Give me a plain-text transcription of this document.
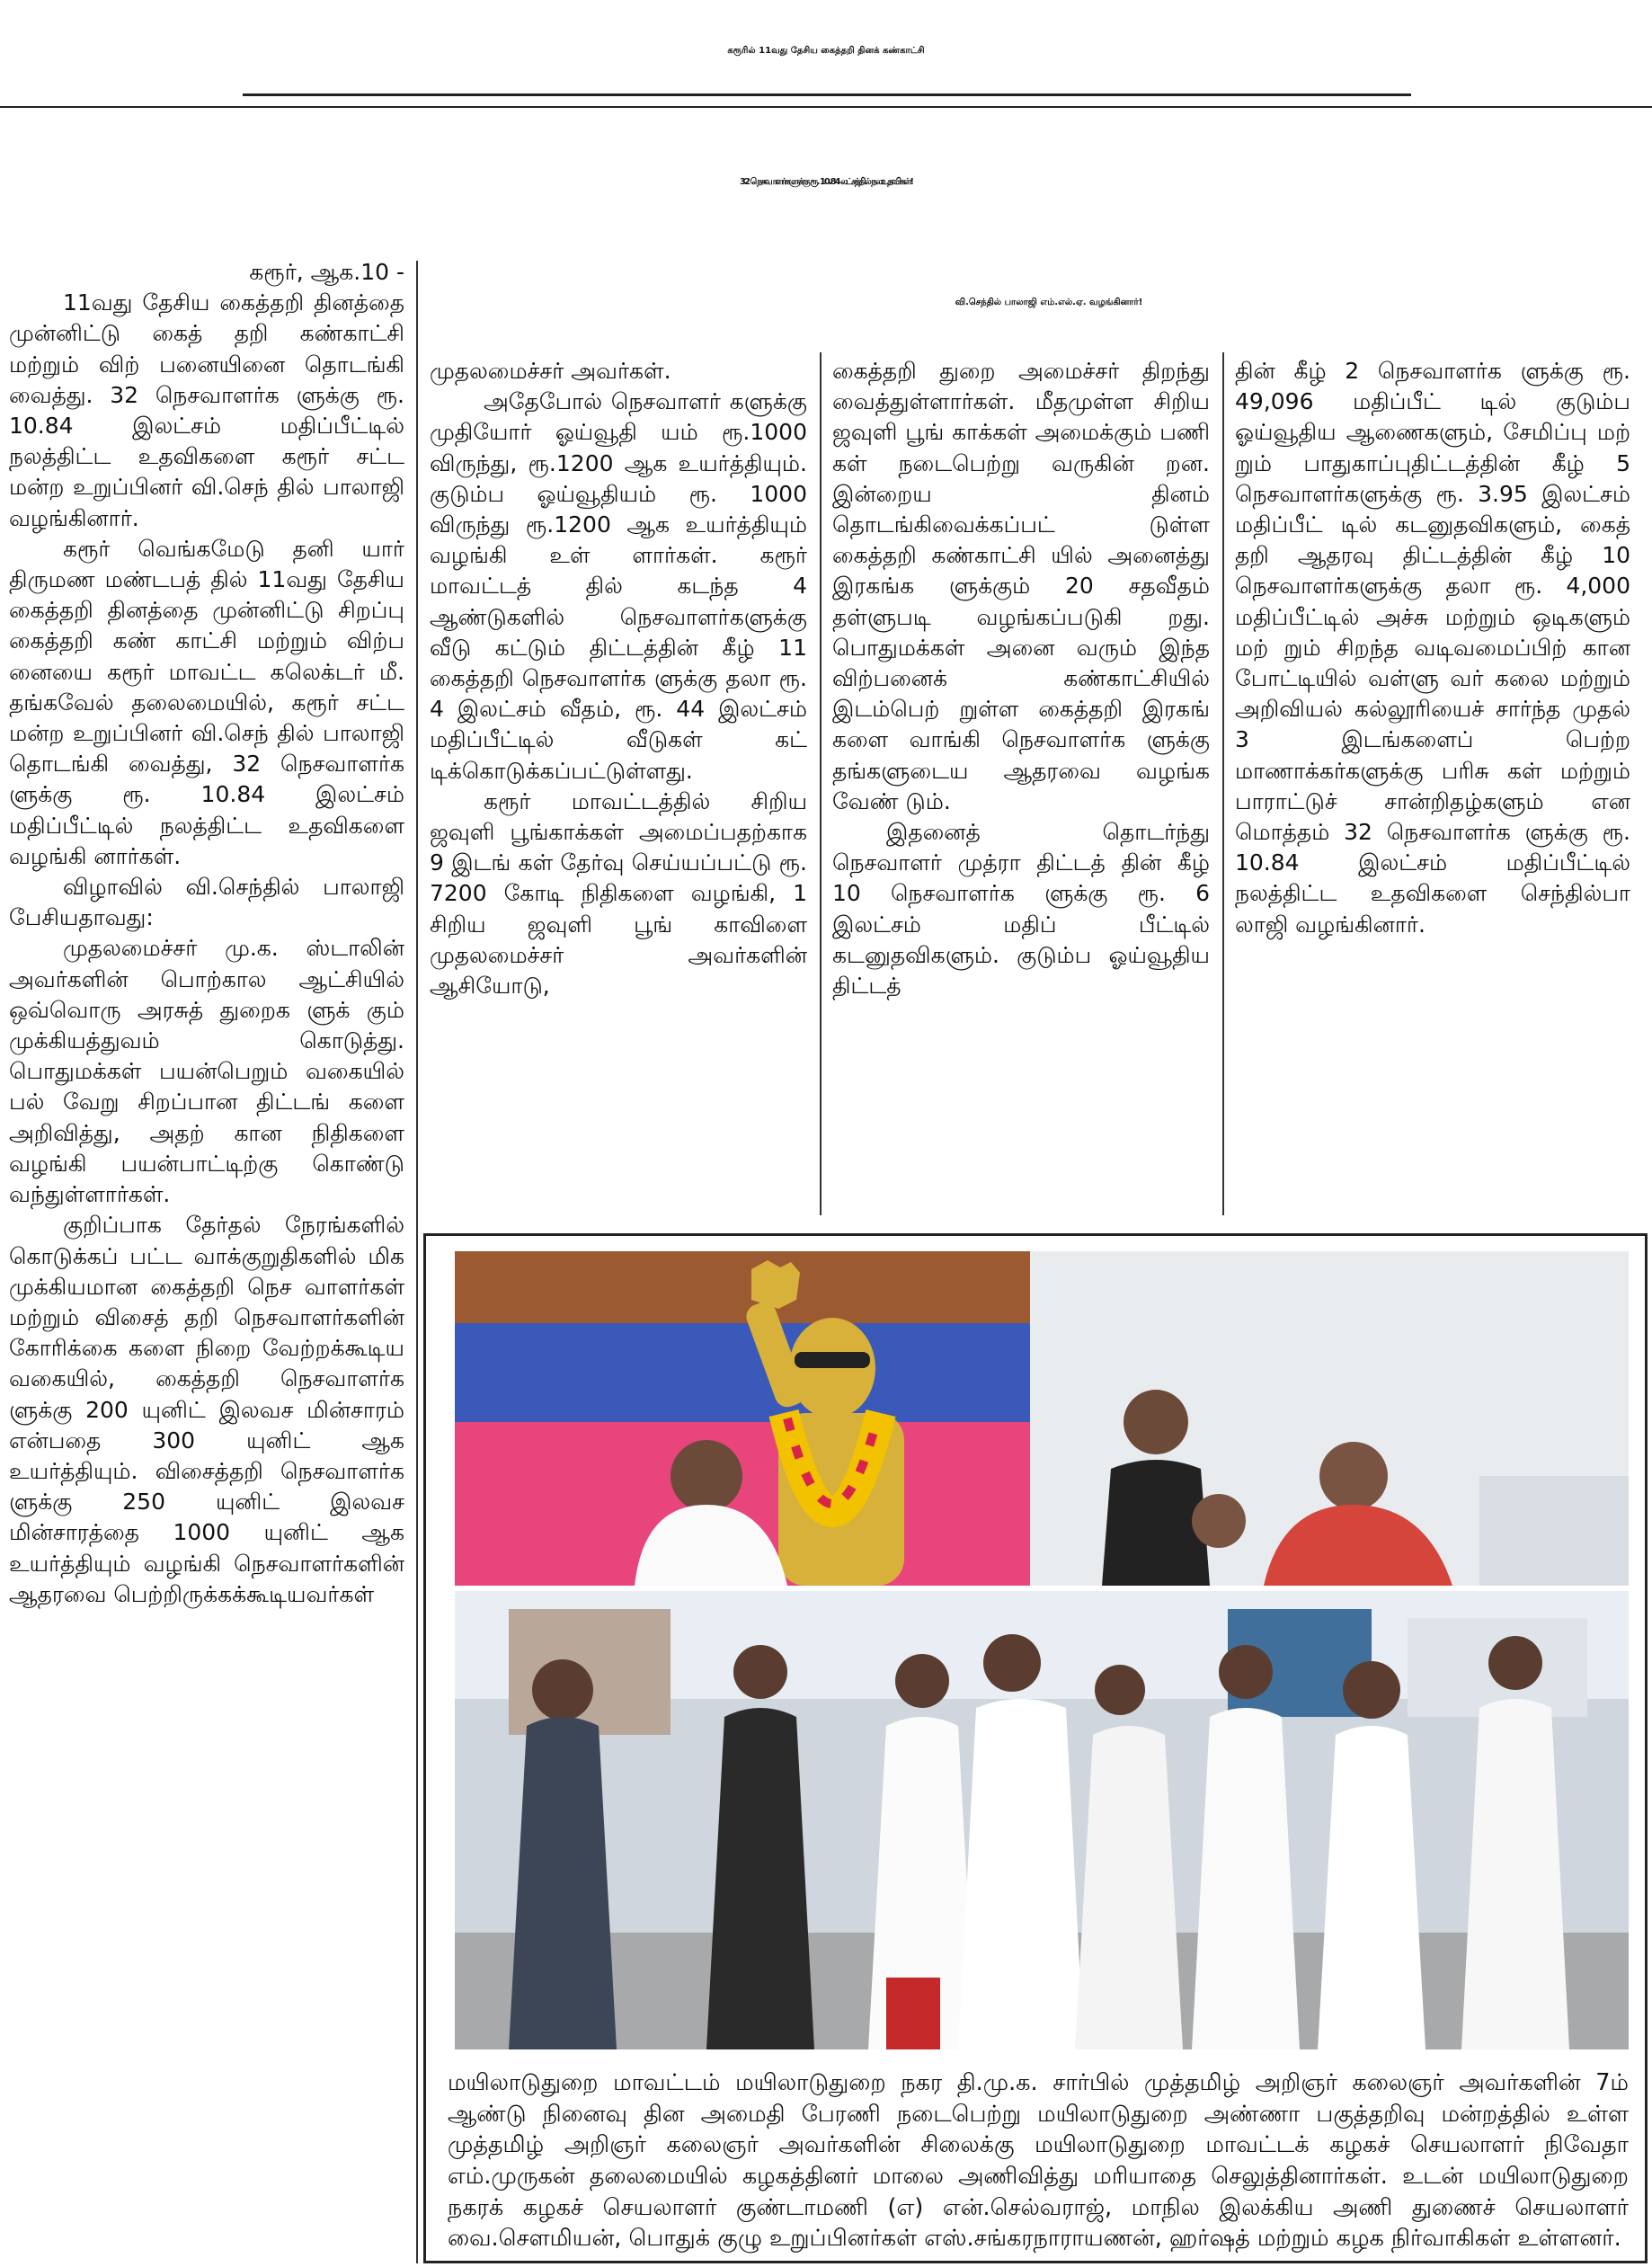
கரூரில் 11வது தேசிய கைத்தறி தினக் கண்காட்சி
32 நெசவாளர்களுக்கு ரூ. 10.84 லட்சத்தில் நலஉதவிகள்!
வி.செந்தில் பாலாஜி எம்.எல்.ஏ. வழங்கினார்!

கரூர், ஆக.10 -

11வது தேசிய கைத்தறி தினத்தை முன்னிட்டு கைத் தறி கண்காட்சி மற்றும் விற் பனையினை தொடங்கி வைத்து. 32 நெசவாளர்க ளுக்கு ரூ. 10.84 இலட்சம் மதிப்பீட்டில் நலத்திட்ட உதவிகளை கரூர் சட்ட மன்ற உறுப்பினர் வி.செந் தில் பாலாஜி வழங்கினார்.

கரூர் வெங்கமேடு தனி யார் திருமண மண்டபத் தில் 11வது தேசிய கைத்தறி தினத்தை முன்னிட்டு சிறப்பு கைத்தறி கண் காட்சி மற்றும் விற்ப னையை கரூர் மாவட்ட கலெக்டர் மீ. தங்கவேல் தலைமையில், கரூர் சட்ட மன்ற உறுப்பினர் வி.செந் தில் பாலாஜி தொடங்கி வைத்து, 32 நெசவாளர்க ளுக்கு ரூ. 10.84 இலட்சம் மதிப்பீட்டில் நலத்திட்ட உதவிகளை வழங்கி னார்கள்.

விழாவில் வி.செந்தில் பாலாஜி பேசியதாவது:

முதலமைச்சர் மு.க. ஸ்டாலின் அவர்களின் பொற்கால ஆட்சியில் ஒவ்வொரு அரசுத் துறைக ளுக் கும் முக்கியத்துவம் கொடுத்து. பொதுமக்கள் பயன்பெறும் வகையில் பல் வேறு சிறப்பான திட்டங் களை அறிவித்து, அதற் கான நிதிகளை வழங்கி பயன்பாட்டிற்கு கொண்டு வந்துள்ளார்கள்.

குறிப்பாக தேர்தல் நேரங்களில் கொடுக்கப் பட்ட வாக்குறுதிகளில் மிக முக்கியமான கைத்தறி நெச வாளர்கள் மற்றும் விசைத் தறி நெசவாளர்களின் கோரிக்கை களை நிறை வேற்றக்கூடிய வகையில், கைத்தறி நெசவாளர்க ளுக்கு 200 யுனிட் இலவச மின்சாரம் என்பதை 300 யுனிட் ஆக உயர்த்தியும். விசைத்தறி நெசவாளர்க ளுக்கு 250 யுனிட் இலவச மின்சாரத்தை 1000 யுனிட் ஆக உயர்த்தியும் வழங்கி நெசவாளர்களின் ஆதரவை பெற்றிருக்கக்கூடியவர்கள்

முதலமைச்சர் அவர்கள்.

அதேபோல் நெசவாளர் களுக்கு முதியோர் ஓய்வூதி யம் ரூ.1000 விருந்து, ரூ.1200 ஆக உயர்த்தியும். குடும்ப ஓய்வூதியம் ரூ. 1000 விருந்து ரூ.1200 ஆக உயர்த்தியும் வழங்கி உள் ளார்கள். கரூர் மாவட்டத் தில் கடந்த 4 ஆண்டுகளில் நெசவாளர்களுக்கு வீடு கட்டும் திட்டத்தின் கீழ் 11 கைத்தறி நெசவாளர்க ளுக்கு தலா ரூ. 4 இலட்சம் வீதம், ரூ. 44 இலட்சம் மதிப்பீட்டில் வீடுகள் கட் டிக்கொடுக்கப்பட்டுள்ளது.

கரூர் மாவட்டத்தில் சிறிய ஜவுளி பூங்காக்கள் அமைப்பதற்காக 9 இடங் கள் தேர்வு செய்யப்பட்டு ரூ. 7200 கோடி நிதிகளை வழங்கி, 1 சிறிய ஜவுளி பூங் காவிளை முதலமைச்சர் அவர்களின் ஆசியோடு,

கைத்தறி துறை அமைச்சர் திறந்து வைத்துள்ளார்கள். மீதமுள்ள சிறிய ஜவுளி பூங் காக்கள் அமைக்கும் பணி கள் நடைபெற்று வருகின் றன. இன்றைய தினம் தொடங்கிவைக்கப்பட் டுள்ள கைத்தறி கண்காட்சி யில் அனைத்து இரகங்க ளுக்கும் 20 சதவீதம் தள்ளுபடி வழங்கப்படுகி றது. பொதுமக்கள் அனை வரும் இந்த விற்பனைக் கண்காட்சியில் இடம்பெற் றுள்ள கைத்தறி இரகங் களை வாங்கி நெசவாளர்க ளுக்கு தங்களுடைய ஆதரவை வழங்க வேண் டும்.

இதனைத் தொடர்ந்து நெசவாளர் முத்ரா திட்டத் தின் கீழ் 10 நெசவாளர்க ளுக்கு ரூ. 6 இலட்சம் மதிப் பீட்டில் கடனுதவிகளும். குடும்ப ஓய்வூதிய திட்டத்

தின் கீழ் 2 நெசவாளர்க ளுக்கு ரூ. 49,096 மதிப்பீட் டில் குடும்ப ஓய்வூதிய ஆணைகளும், சேமிப்பு மற் றும் பாதுகாப்புதிட்டத்தின் கீழ் 5 நெசவாளர்களுக்கு ரூ. 3.95 இலட்சம் மதிப்பீட் டில் கடனுதவிகளும், கைத் தறி ஆதரவு திட்டத்தின் கீழ் 10 நெசவாளர்களுக்கு தலா ரூ. 4,000 மதிப்பீட்டில் அச்சு மற்றும் ஒடிகளும் மற் றும் சிறந்த வடிவமைப்பிற் கான போட்டியில் வள்ளு வர் கலை மற்றும் அறிவியல் கல்லூரியைச் சார்ந்த முதல் 3 இடங்களைப் பெற்ற மாணாக்கர்களுக்கு பரிசு கள் மற்றும் பாராட்டுச் சான்றிதழ்களும் என மொத்தம் 32 நெசவாளர்க ளுக்கு ரூ. 10.84 இலட்சம் மதிப்பீட்டில் நலத்திட்ட உதவிகளை செந்தில்பா லாஜி வழங்கினார்.

மயிலாடுதுறை மாவட்டம் மயிலாடுதுறை நகர தி.மு.க. சார்பில் முத்தமிழ் அறிஞர் கலைஞர் அவர்களின் 7ம் ஆண்டு நினைவு தின அமைதி பேரணி நடைபெற்று மயிலாடுதுறை அண்ணா பகுத்தறிவு மன்றத்தில் உள்ள முத்தமிழ் அறிஞர் கலைஞர் அவர்களின் சிலைக்கு மயிலாடுதுறை மாவட்டக் கழகச் செயலாளர் நிவேதா எம்.முருகன் தலைமையில் கழகத்தினர் மாலை அணிவித்து மரியாதை செலுத்தினார்கள். உடன் மயிலாடுதுறை நகரக் கழகச் செயலாளர் குண்டாமணி (எ) என்.செல்வராஜ், மாநில இலக்கிய அணி துணைச் செயலாளர் வை.சௌமியன், பொதுக் குழு உறுப்பினர்கள் எஸ்.சங்கரநாராயணன், ஹர்ஷத் மற்றும் கழக நிர்வாகிகள் உள்ளனர்.
